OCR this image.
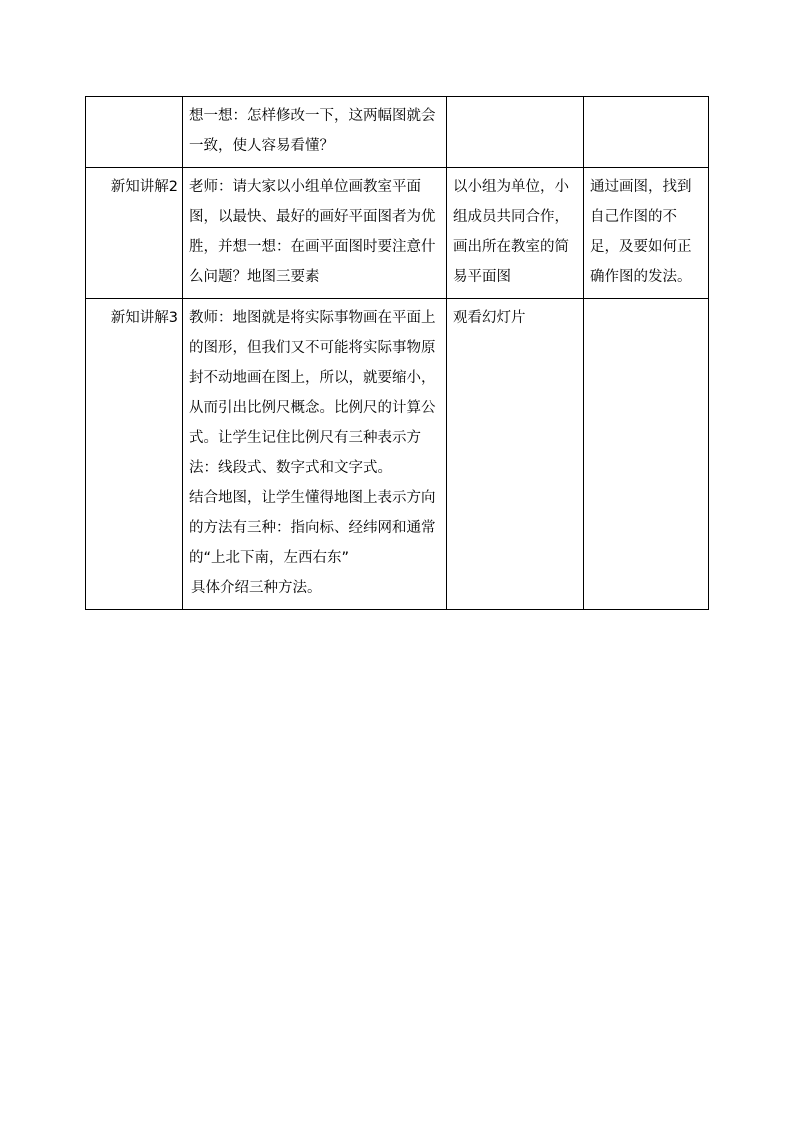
	想一想：怎样修改一下，这两幅图就会一致，使人容易看懂？		

新知讲解2	老师：请大家以小组单位画教室平面图，以最快、最好的画好平面图者为优胜，并想一想：在画平面图时要注意什么问题？地图三要素	以小组为单位，小组成员共同合作，画出所在教室的简易平面图	通过画图，找到自己作图的不足，及要如何正确作图的发法。
新知讲解3	教师：地图就是将实际事物画在平面上的图形，但我们又不可能将实际事物原封不动地画在图上，所以，就要缩小，从而引出比例尺概念。比例尺的计算公式。让学生记住比例尺有三种表示方法：线段式、数字式和文字式。
结合地图，让学生懂得地图上表示方向的方法有三种：指向标、经纬网和通常的“上北下南，左西右东”
具体介绍三种方法。	观看幻灯片	
